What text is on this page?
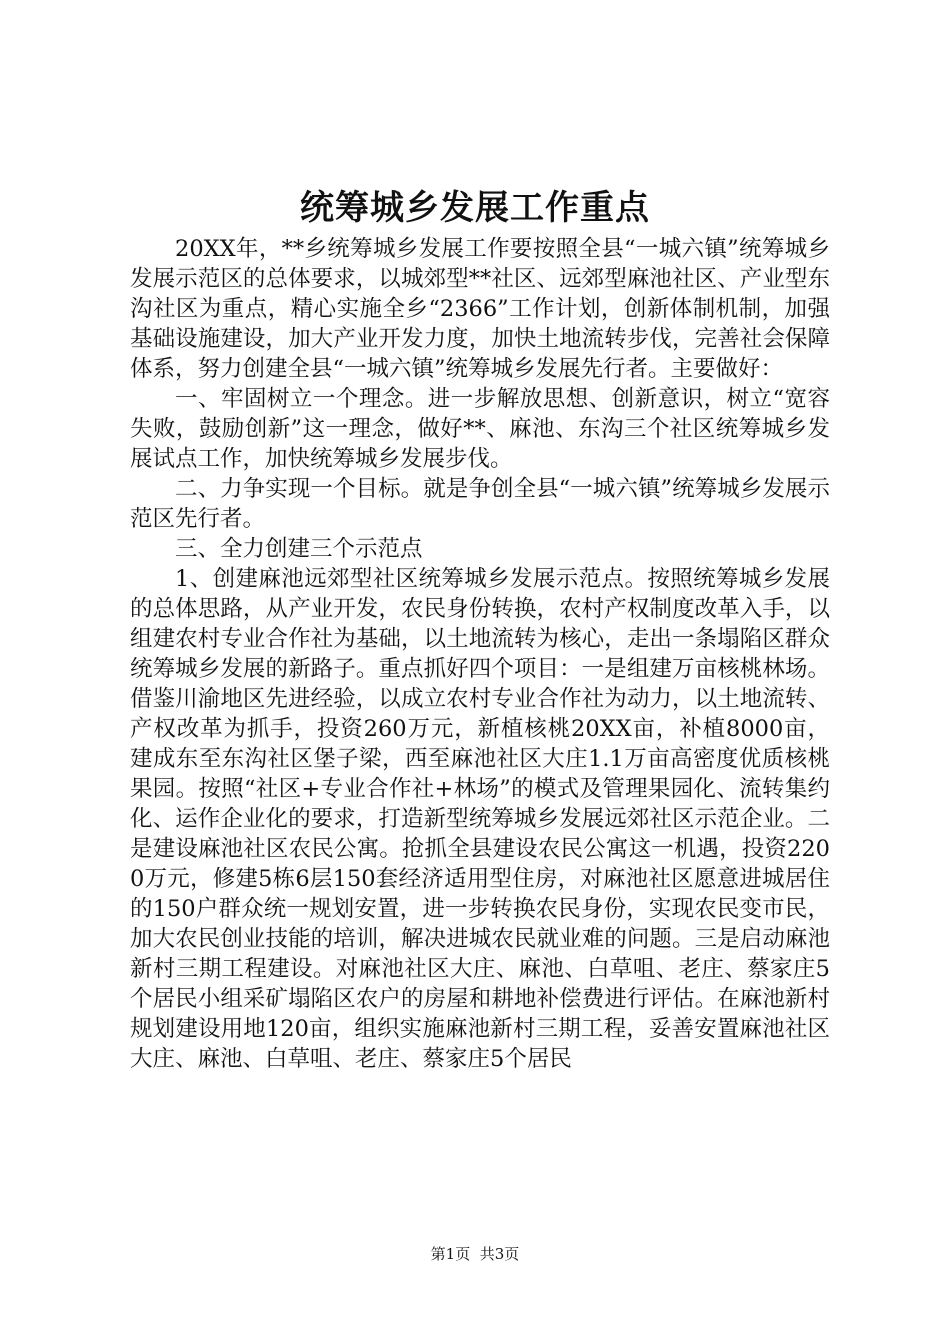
统筹城乡发展工作重点

20XX年，**乡统筹城乡发展工作要按照全县“一城六镇”统筹城乡发展示范区的总体要求，以城郊型**社区、远郊型麻池社区、产业型东沟社区为重点，精心实施全乡“2366”工作计划，创新体制机制，加强基础设施建设，加大产业开发力度，加快土地流转步伐，完善社会保障体系，努力创建全县“一城六镇”统筹城乡发展先行者。主要做好：

一、牢固树立一个理念。进一步解放思想、创新意识，树立“宽容失败，鼓励创新”这一理念，做好**、麻池、东沟三个社区统筹城乡发展试点工作，加快统筹城乡发展步伐。

二、力争实现一个目标。就是争创全县“一城六镇”统筹城乡发展示范区先行者。

三、全力创建三个示范点

1、创建麻池远郊型社区统筹城乡发展示范点。按照统筹城乡发展的总体思路，从产业开发，农民身份转换，农村产权制度改革入手，以组建农村专业合作社为基础，以土地流转为核心，走出一条塌陷区群众统筹城乡发展的新路子。重点抓好四个项目：一是组建万亩核桃林场。借鉴川渝地区先进经验，以成立农村专业合作社为动力，以土地流转、产权改革为抓手，投资260万元，新植核桃20XX亩，补植8000亩，建成东至东沟社区堡子梁，西至麻池社区大庄1.1万亩高密度优质核桃果园。按照“社区+专业合作社+林场”的模式及管理果园化、流转集约化、运作企业化的要求，打造新型统筹城乡发展远郊社区示范企业。二是建设麻池社区农民公寓。抢抓全县建设农民公寓这一机遇，投资2200万元，修建5栋6层150套经济适用型住房，对麻池社区愿意进城居住的150户群众统一规划安置，进一步转换农民身份，实现农民变市民，加大农民创业技能的培训，解决进城农民就业难的问题。三是启动麻池新村三期工程建设。对麻池社区大庄、麻池、白草咀、老庄、蔡家庄5个居民小组采矿塌陷区农户的房屋和耕地补偿费进行评估。在麻池新村规划建设用地120亩，组织实施麻池新村三期工程，妥善安置麻池社区大庄、麻池、白草咀、老庄、蔡家庄5个居民

第1页 共3页
